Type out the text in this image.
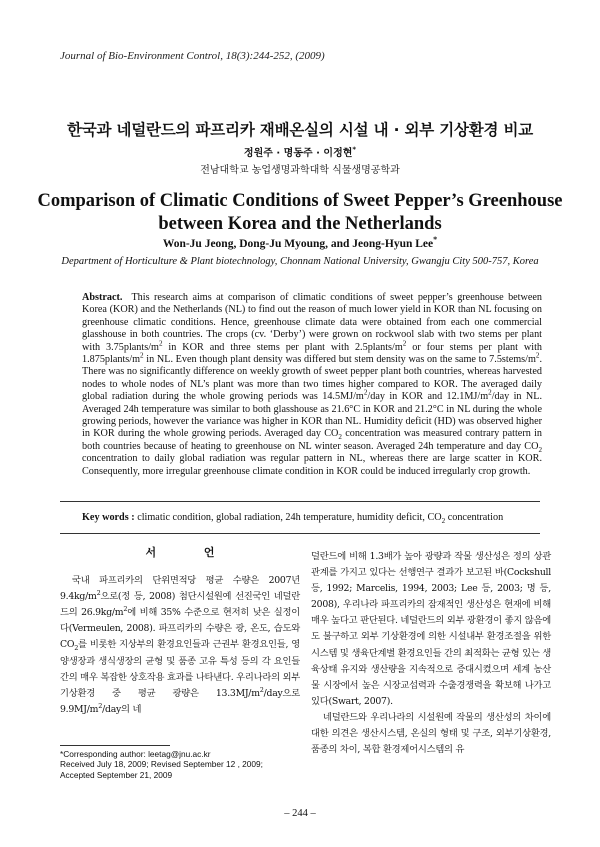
Journal of Bio-Environment Control, 18(3):244-252, (2009)
한국과 네덜란드의 파프리카 재배온실의 시설 내 · 외부 기상환경 비교
정원주 · 명동주 · 이정현*
전남대학교 농업생명과학대학 식물생명공학과
Comparison of Climatic Conditions of Sweet Pepper’s Greenhouse
between Korea and the Netherlands
Won-Ju Jeong, Dong-Ju Myoung, and Jeong-Hyun Lee*
Department of Horticulture & Plant biotechnology, Chonnam National University, Gwangju City 500-757, Korea
Abstract. This research aims at comparison of climatic conditions of sweet pepper’s greenhouse between Korea (KOR) and the Netherlands (NL) to find out the reason of much lower yield in KOR than NL focusing on greenhouse climatic conditions. Hence, greenhouse climate data were obtained from each one commercial glasshouse in both countries. The crops (cv. ‘Derby’) were grown on rockwool slab with two stems per plant with $3.75plants/m^2$ in KOR and three stems per plant with $2.5plants/m^2$ or four stems per plant with $1.875plants/m^2$ in NL. Even though plant density was differed but stem density was on the same to $7.5stems/m^2$. There was no significantly difference on weekly growth of sweet pepper plant both countries, whereas harvested nodes to whole nodes of NL’s plant was more than two times higher compared to KOR. The averaged daily global radiation during the whole growing periods was $14.5MJ/m^2$/day in KOR and $12.1MJ/m^2$/day in NL. Averaged 24h temperature was similar to both glasshouse as 21.6°C in KOR and 21.2°C in NL during the whole growing periods, however the variance was higher in KOR than NL. Humidity deficit (HD) was observed higher in KOR during the whole growing periods. Averaged day $CO_2$ concentration was measured contrary pattern in both countries because of heating to greenhouse on NL winter season. Averaged 24h temperature and day $CO_2$ concentration to daily global radiation was regular pattern in NL, whereas there are large scatter in KOR. Consequently, more irregular greenhouse climate condition in KOR could be induced irregularly crop growth.
Key words : climatic condition, global radiation, 24h temperature, humidity deficit, $CO_2$ concentration
서 언

국내 파프리카의 단위면적당 평균 수량은 2007년 $9.4kg/m^2$으로(정 등, 2008) 첨단시설원예 선진국인 네덜란드의 $26.9kg/m^2$에 비해 35% 수준으로 현저히 낮은 실정이다(Vermeulen, 2008). 파프리카의 수량은 광, 온도, 습도와 $CO_2$를 비롯한 지상부의 환경요인들과 근권부 환경요인들, 영양생장과 생식생장의 균형 및 품종 고유 특성 등의 각 요인들 간의 매우 복잡한 상호작용 효과를 나타낸다. 우리나라의 외부 기상환경 중 평균 광량은 $13.3MJ/m^2$/day으로 $9.9MJ/m^2$/day의 네

덜란드에 비해 1.3배가 높아 광량과 작물 생산성은 정의 상관관계를 가지고 있다는 선행연구 결과가 보고된 바(Cockshull 등, 1992; Marcelis, 1994, 2003; Lee 등, 2003; 명 등, 2008), 우리나라 파프리카의 잠재적인 생산성은 현재에 비해 매우 높다고 판단된다. 네덜란드의 외부 광환경이 좋지 않음에도 불구하고 외부 기상환경에 의한 시설내부 환경조절을 위한 시스템 및 생육단계별 환경요인들 간의 최적화는 균형 있는 생육상태 유지와 생산량을 지속적으로 증대시켰으며 세계 농산물 시장에서 높은 시장교섭력과 수출경쟁력을 확보해 나가고 있다(Swart, 2007).

네덜란드와 우리나라의 시설원예 작물의 생산성의 차이에 대한 의견은 생산시스템, 온실의 형태 및 구조, 외부기상환경, 품종의 차이, 복합 환경제어시스템의 유

*Corresponding author: leetag@jnu.ac.kr
Received July 18, 2009; Revised September 12 , 2009;
Accepted September 21, 2009
– 244 –
